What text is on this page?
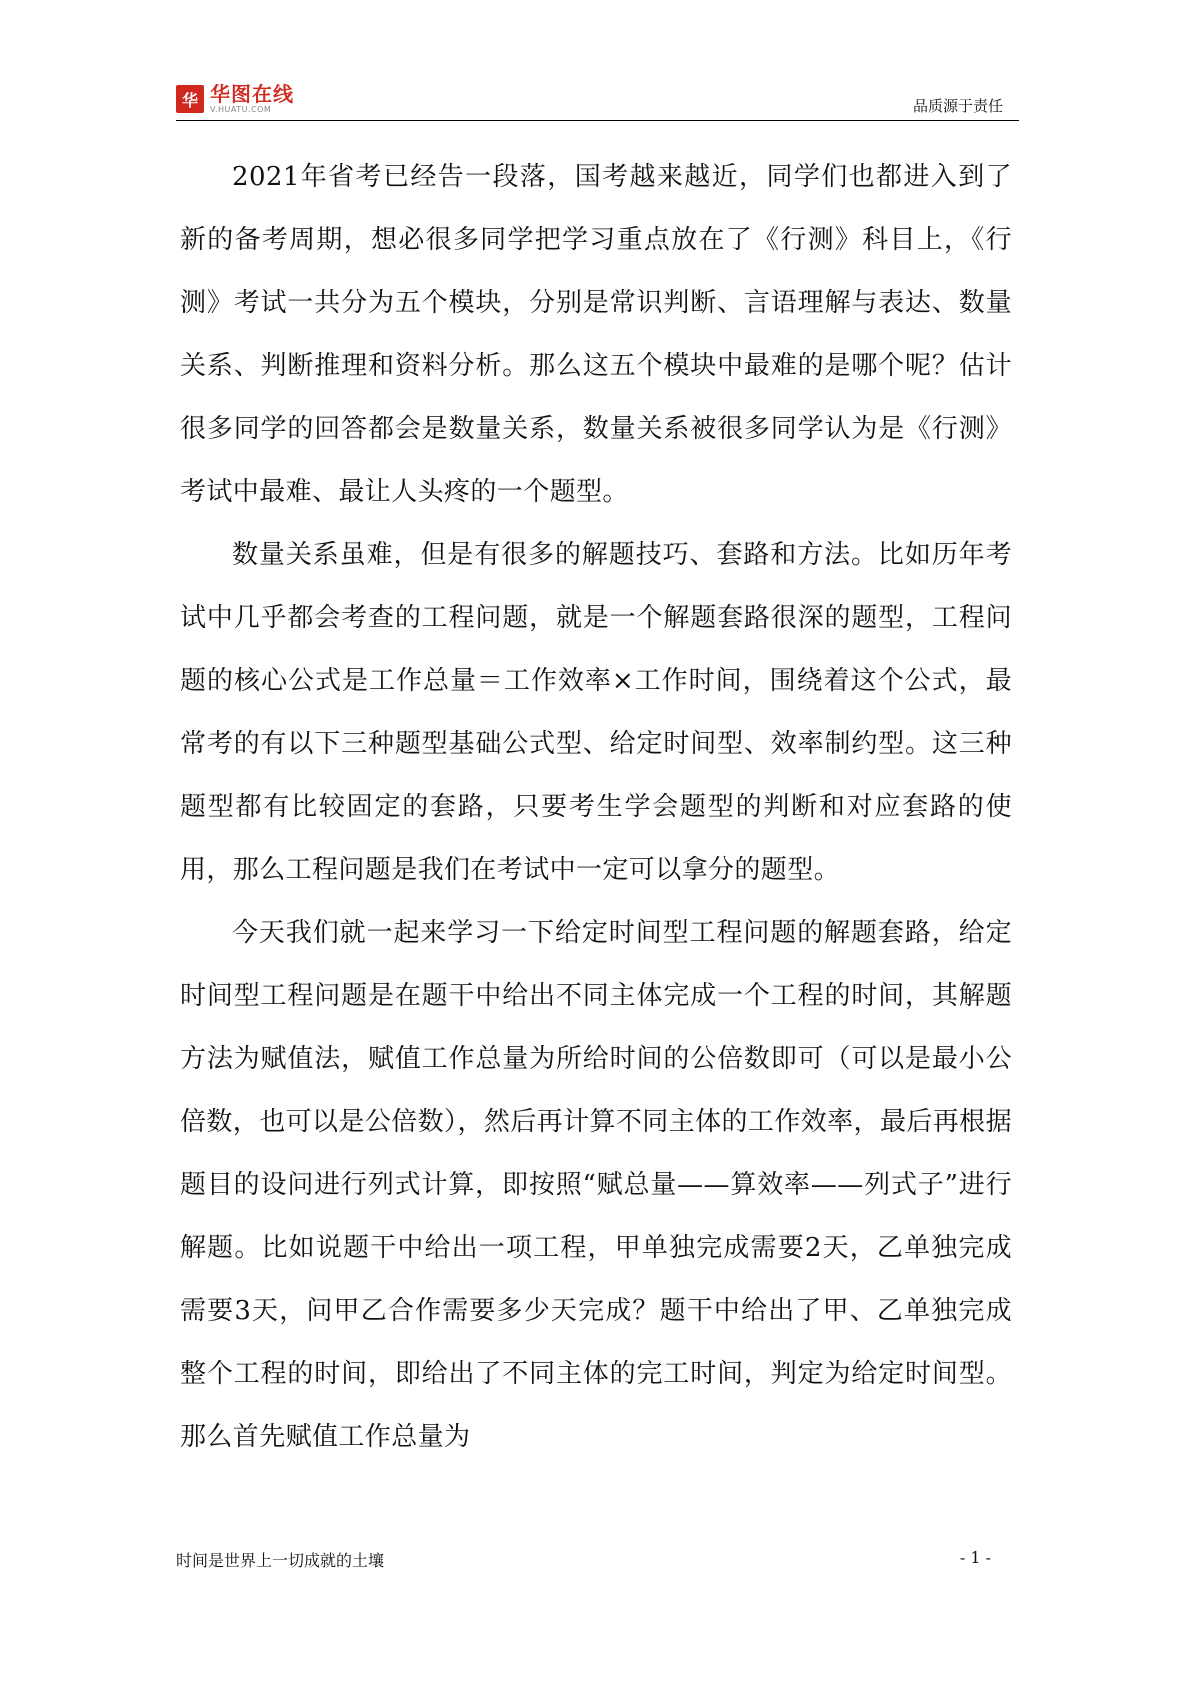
华 华图在线
V.HUATU.COM	品质源于责任

2021年省考已经告一段落，国考越来越近，同学们也都进入到了新的备考周期，想必很多同学把学习重点放在了《行测》科目上，《行测》考试一共分为五个模块，分别是常识判断、言语理解与表达、数量关系、判断推理和资料分析。那么这五个模块中最难的是哪个呢？估计很多同学的回答都会是数量关系，数量关系被很多同学认为是《行测》考试中最难、最让人头疼的一个题型。

数量关系虽难，但是有很多的解题技巧、套路和方法。比如历年考试中几乎都会考查的工程问题，就是一个解题套路很深的题型，工程问题的核心公式是工作总量＝工作效率×工作时间，围绕着这个公式，最常考的有以下三种题型基础公式型、给定时间型、效率制约型。这三种题型都有比较固定的套路，只要考生学会题型的判断和对应套路的使用，那么工程问题是我们在考试中一定可以拿分的题型。

今天我们就一起来学习一下给定时间型工程问题的解题套路，给定时间型工程问题是在题干中给出不同主体完成一个工程的时间，其解题方法为赋值法，赋值工作总量为所给时间的公倍数即可（可以是最小公倍数，也可以是公倍数），然后再计算不同主体的工作效率，最后再根据题目的设问进行列式计算，即按照“赋总量——算效率——列式子”进行解题。比如说题干中给出一项工程，甲单独完成需要2天，乙单独完成需要3天，问甲乙合作需要多少天完成？题干中给出了甲、乙单独完成整个工程的时间，即给出了不同主体的完工时间，判定为给定时间型。那么首先赋值工作总量为

时间是世界上一切成就的土壤	- 1 -
